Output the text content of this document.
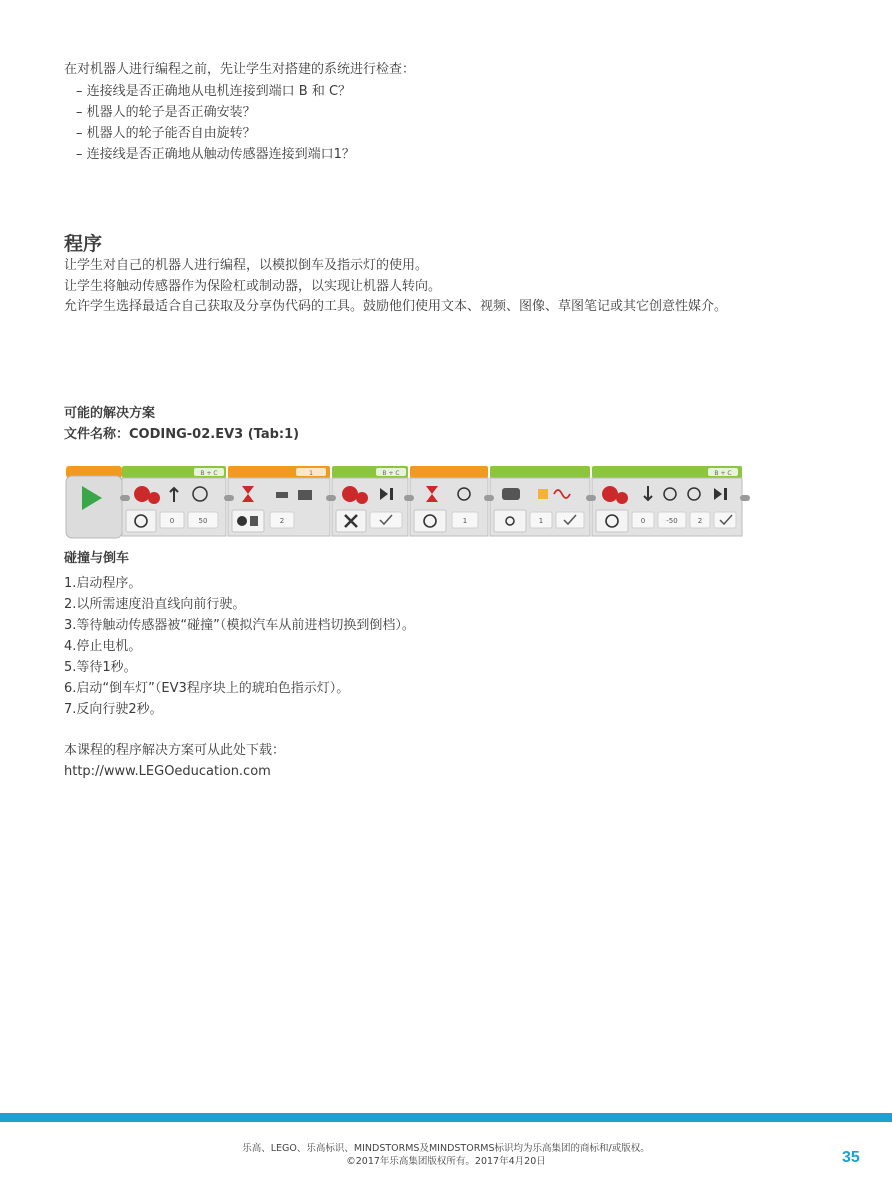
在对机器人进行编程之前，先让学生对搭建的系统进行检查：

– 连接线是否正确地从电机连接到端口 B 和 C？
– 机器人的轮子是否正确安装？
– 机器人的轮子能否自由旋转？
– 连接线是否正确地从触动传感器连接到端口1？
程序

让学生对自己的机器人进行编程，以模拟倒车及指示灯的使用。

让学生将触动传感器作为保险杠或制动器，以实现让机器人转向。

允许学生选择最适合自己获取及分享伪代码的工具。鼓励他们使用文本、视频、图像、草图笔记或其它创意性媒介。

可能的解决方案

文件名称：CODING-02.EV3 (Tab:1)

B + C
0	50
1
2
B + C
1	1
B + C
0	-50	2

碰撞与倒车

1.启动程序。
2.以所需速度沿直线向前行驶。
3.等待触动传感器被“碰撞”（模拟汽车从前进档切换到倒档）。
4.停止电机。
5.等待1秒。
6.启动“倒车灯”（EV3程序块上的琥珀色指示灯）。
7.反向行驶2秒。

本课程的程序解决方案可从此处下载：

http://www.LEGOeducation.com

乐高、LEGO、乐高标识、MINDSTORMS及MINDSTORMS标识均为乐高集团的商标和/或版权。
©2017年乐高集团版权所有。2017年4月20日	35
